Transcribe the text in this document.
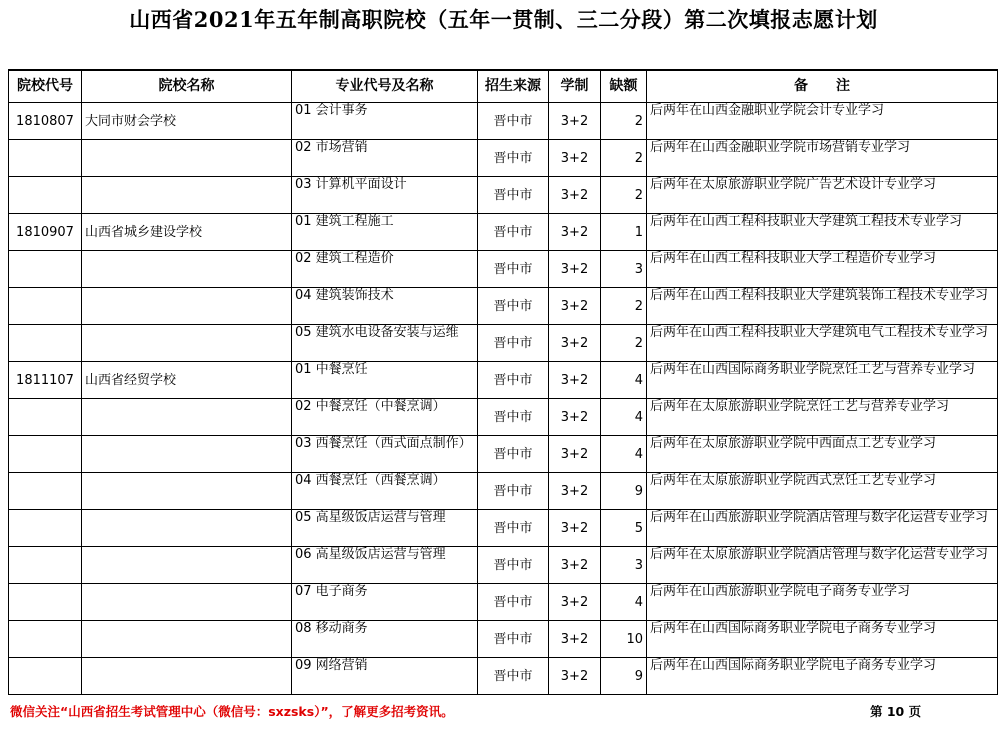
山西省2021年五年制高职院校（五年一贯制、三二分段）第二次填报志愿计划
院校代号	院校名称	专业代号及名称	招生来源	学制	缺额	备　　注
1810807	大同市财会学校	01 会计事务	晋中市	3+2	2	后两年在山西金融职业学院会计专业学习
		02 市场营销	晋中市	3+2	2	后两年在山西金融职业学院市场营销专业学习
		03 计算机平面设计	晋中市	3+2	2	后两年在太原旅游职业学院广告艺术设计专业学习
1810907	山西省城乡建设学校	01 建筑工程施工	晋中市	3+2	1	后两年在山西工程科技职业大学建筑工程技术专业学习
		02 建筑工程造价	晋中市	3+2	3	后两年在山西工程科技职业大学工程造价专业学习
		04 建筑装饰技术	晋中市	3+2	2	后两年在山西工程科技职业大学建筑装饰工程技术专业学习
		05 建筑水电设备安装与运维	晋中市	3+2	2	后两年在山西工程科技职业大学建筑电气工程技术专业学习
1811107	山西省经贸学校	01 中餐烹饪	晋中市	3+2	4	后两年在山西国际商务职业学院烹饪工艺与营养专业学习
		02 中餐烹饪（中餐烹调）	晋中市	3+2	4	后两年在太原旅游职业学院烹饪工艺与营养专业学习
		03 西餐烹饪（西式面点制作）	晋中市	3+2	4	后两年在太原旅游职业学院中西面点工艺专业学习
		04 西餐烹饪（西餐烹调）	晋中市	3+2	9	后两年在太原旅游职业学院西式烹饪工艺专业学习
		05 高星级饭店运营与管理	晋中市	3+2	5	后两年在山西旅游职业学院酒店管理与数字化运营专业学习
		06 高星级饭店运营与管理	晋中市	3+2	3	后两年在太原旅游职业学院酒店管理与数字化运营专业学习
		07 电子商务	晋中市	3+2	4	后两年在山西旅游职业学院电子商务专业学习
		08 移动商务	晋中市	3+2	10	后两年在山西国际商务职业学院电子商务专业学习
		09 网络营销	晋中市	3+2	9	后两年在山西国际商务职业学院电子商务专业学习
微信关注“山西省招生考试管理中心（微信号：sxzsks）”，了解更多招考资讯。	第 10 页
